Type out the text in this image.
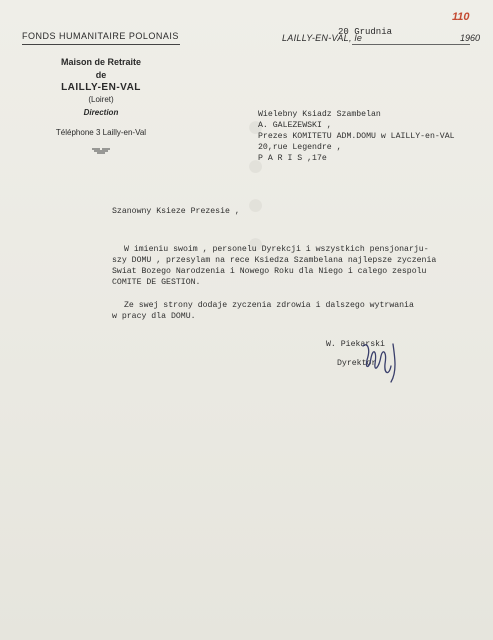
●●●●
110
FONDS HUMANITAIRE POLONAIS
Maison de Retraite
de
LAILLY-EN-VAL
(Loiret)
Direction
Téléphone 3 Lailly-en-Val
LAILLY-EN-VAL, le
20 Grudnia
1960
Wielebny Ksiadz Szambelan
A. GALEZEWSKI ,
Prezes KOMITETU ADM.DOMU w LAILLY-en-VAL
20,rue Legendre ,
P A R I S ,17e
Szanowny Ksieze Prezesie ,
W imieniu swoim , personelu Dyrekcji i wszystkich pensjonarju-
szy DOMU , przesylam na rece Ksiedza Szambelana najlepsze zyczenia
Swiat Bozego Narodzenia i Nowego Roku dla Niego i calego zespolu
COMITE DE GESTION.
Ze swej strony dodaje zyczenia zdrowia i dalszego wytrwania
w pracy dla DOMU.
W. Piekarski
Dyrektor.
